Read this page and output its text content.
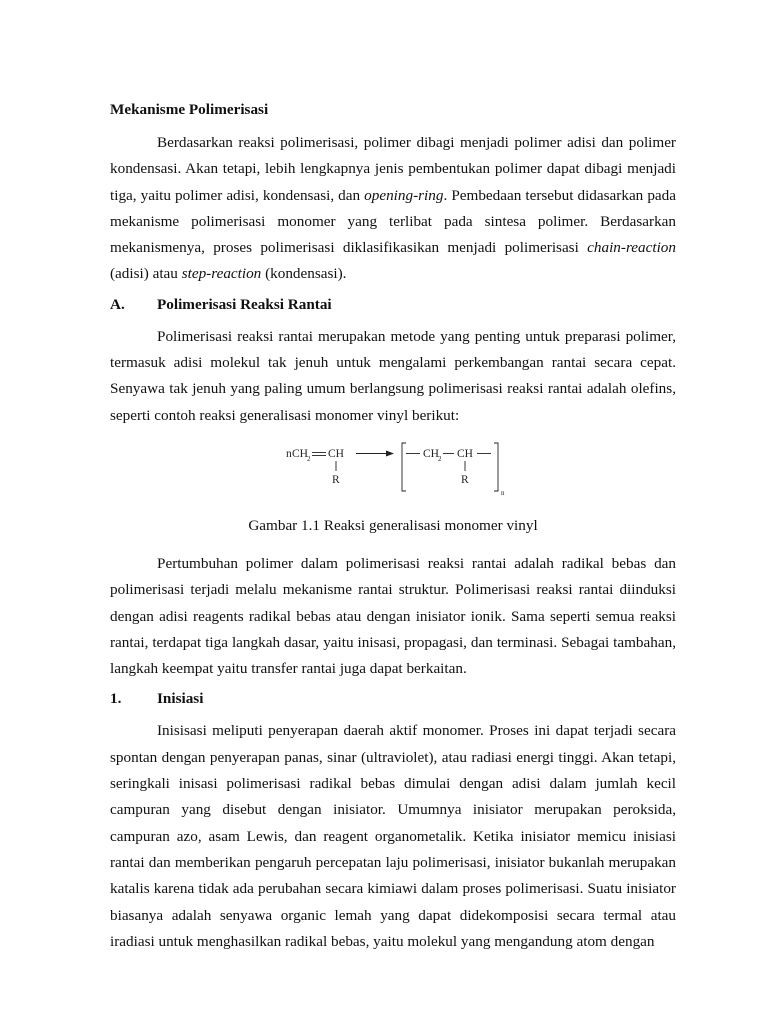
Mekanisme Polimerisasi

Berdasarkan reaksi polimerisasi, polimer dibagi menjadi polimer adisi dan polimer kondensasi. Akan tetapi, lebih lengkapnya jenis pembentukan polimer dapat dibagi menjadi tiga, yaitu polimer adisi, kondensasi, dan opening-ring. Pembedaan tersebut didasarkan pada mekanisme polimerisasi monomer yang terlibat pada sintesa polimer. Berdasarkan mekanismenya, proses polimerisasi diklasifikasikan menjadi polimerisasi chain-reaction (adisi) atau step-reaction (kondensasi).

A.	Polimerisasi Reaksi Rantai

Polimerisasi reaksi rantai merupakan metode yang penting untuk preparasi polimer, termasuk adisi molekul tak jenuh untuk mengalami perkembangan rantai secara cepat. Senyawa tak jenuh yang paling umum berlangsung polimerisasi reaksi rantai adalah olefins, seperti contoh reaksi generalisasi monomer vinyl berikut:

n CH 2 CH
R
CH 2 CH
R
n
Gambar 1.1 Reaksi generalisasi monomer vinyl

Pertumbuhan polimer dalam polimerisasi reaksi rantai adalah radikal bebas dan polimerisasi terjadi melalu mekanisme rantai struktur. Polimerisasi reaksi rantai diinduksi dengan adisi reagents radikal bebas atau dengan inisiator ionik. Sama seperti semua reaksi rantai, terdapat tiga langkah dasar, yaitu inisasi, propagasi, dan terminasi. Sebagai tambahan, langkah keempat yaitu transfer rantai juga dapat berkaitan.

1.	Inisiasi

Inisisasi meliputi penyerapan daerah aktif monomer. Proses ini dapat terjadi secara spontan dengan penyerapan panas, sinar (ultraviolet), atau radiasi energi tinggi. Akan tetapi, seringkali inisasi polimerisasi radikal bebas dimulai dengan adisi dalam jumlah kecil campuran yang disebut dengan inisiator. Umumnya inisiator merupakan peroksida, campuran azo, asam Lewis, dan reagent organometalik. Ketika inisiator memicu inisiasi rantai dan memberikan pengaruh percepatan laju polimerisasi, inisiator bukanlah merupakan katalis karena tidak ada perubahan secara kimiawi dalam proses polimerisasi. Suatu inisiator biasanya adalah senyawa organic lemah yang dapat didekomposisi secara termal atau iradiasi untuk menghasilkan radikal bebas, yaitu molekul yang mengandung atom dengan
